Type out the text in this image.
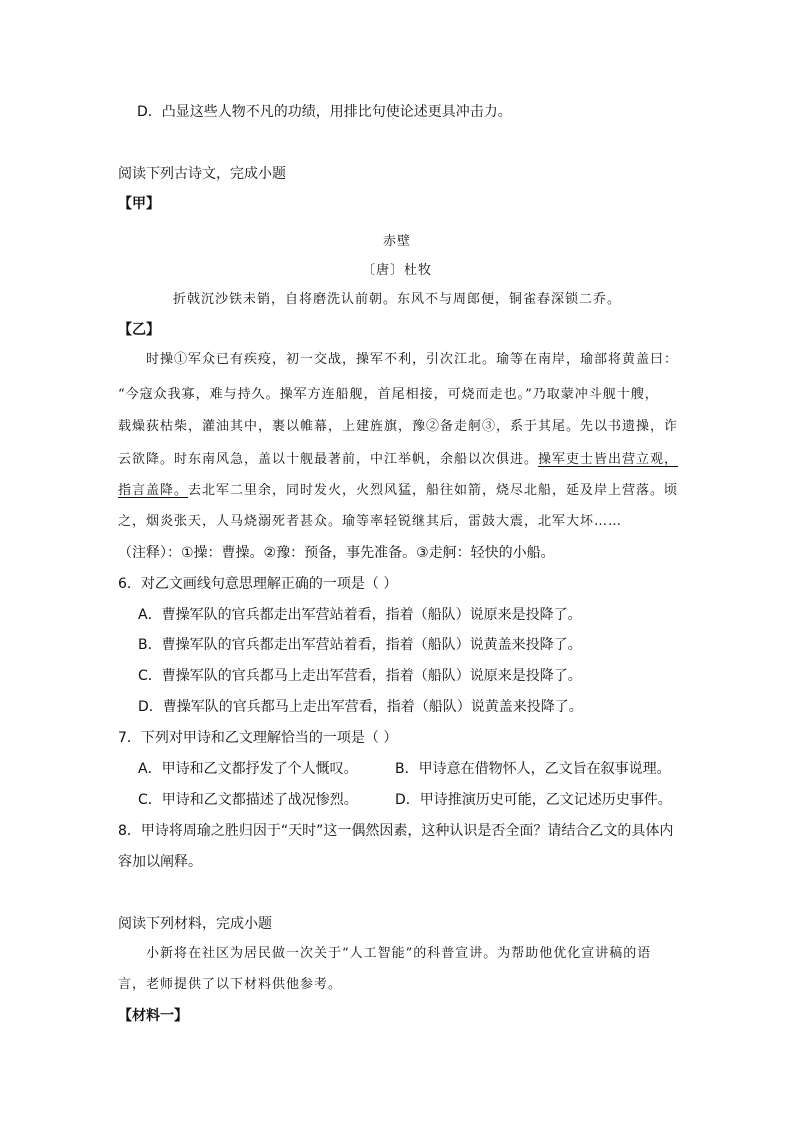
D．凸显这些人物不凡的功绩，用排比句使论述更具冲击力。
阅读下列古诗文，完成小题
【甲】
赤壁
〔唐〕杜牧
折戟沉沙铁未销，自将磨洗认前朝。东风不与周郎便，铜雀春深锁二乔。
【乙】
时操①军众已有疾疫，初一交战，操军不利，引次江北。瑜等在南岸，瑜部将黄盖曰：
“今寇众我寡，难与持久。操军方连船舰，首尾相接，可烧而走也。”乃取蒙冲斗舰十艘，
载燥荻枯柴，灌油其中，裹以帷幕，上建旌旗，豫②备走舸③，系于其尾。先以书遗操，诈
云欲降。时东南风急，盖以十舰最著前，中江举帆，余船以次俱进。操军吏士皆出营立观，
指言盖降。去北军二里余，同时发火，火烈风猛，船往如箭，烧尽北船，延及岸上营落。顷
之，烟炎张天，人马烧溺死者甚众。瑜等率轻锐继其后，雷鼓大震，北军大坏……
（注释）：①操：曹操。②豫：预备，事先准备。③走舸：轻快的小船。
6．对乙文画线句意思理解正确的一项是（ ）
A．曹操军队的官兵都走出军营站着看，指着（船队）说原来是投降了。
B．曹操军队的官兵都走出军营站着看，指着（船队）说黄盖来投降了。
C．曹操军队的官兵都马上走出军营看，指着（船队）说原来是投降了。
D．曹操军队的官兵都马上走出军营看，指着（船队）说黄盖来投降了。
7．下列对甲诗和乙文理解恰当的一项是（ ）
A．甲诗和乙文都抒发了个人慨叹。	B．甲诗意在借物怀人，乙文旨在叙事说理。
C．甲诗和乙文都描述了战况惨烈。	D．甲诗推演历史可能，乙文记述历史事件。
8．甲诗将周瑜之胜归因于“天时”这一偶然因素，这种认识是否全面？请结合乙文的具体内
容加以阐释。
阅读下列材料，完成小题
小新将在社区为居民做一次关于“人工智能”的科普宣讲。为帮助他优化宣讲稿的语
言，老师提供了以下材料供他参考。
【材料一】
